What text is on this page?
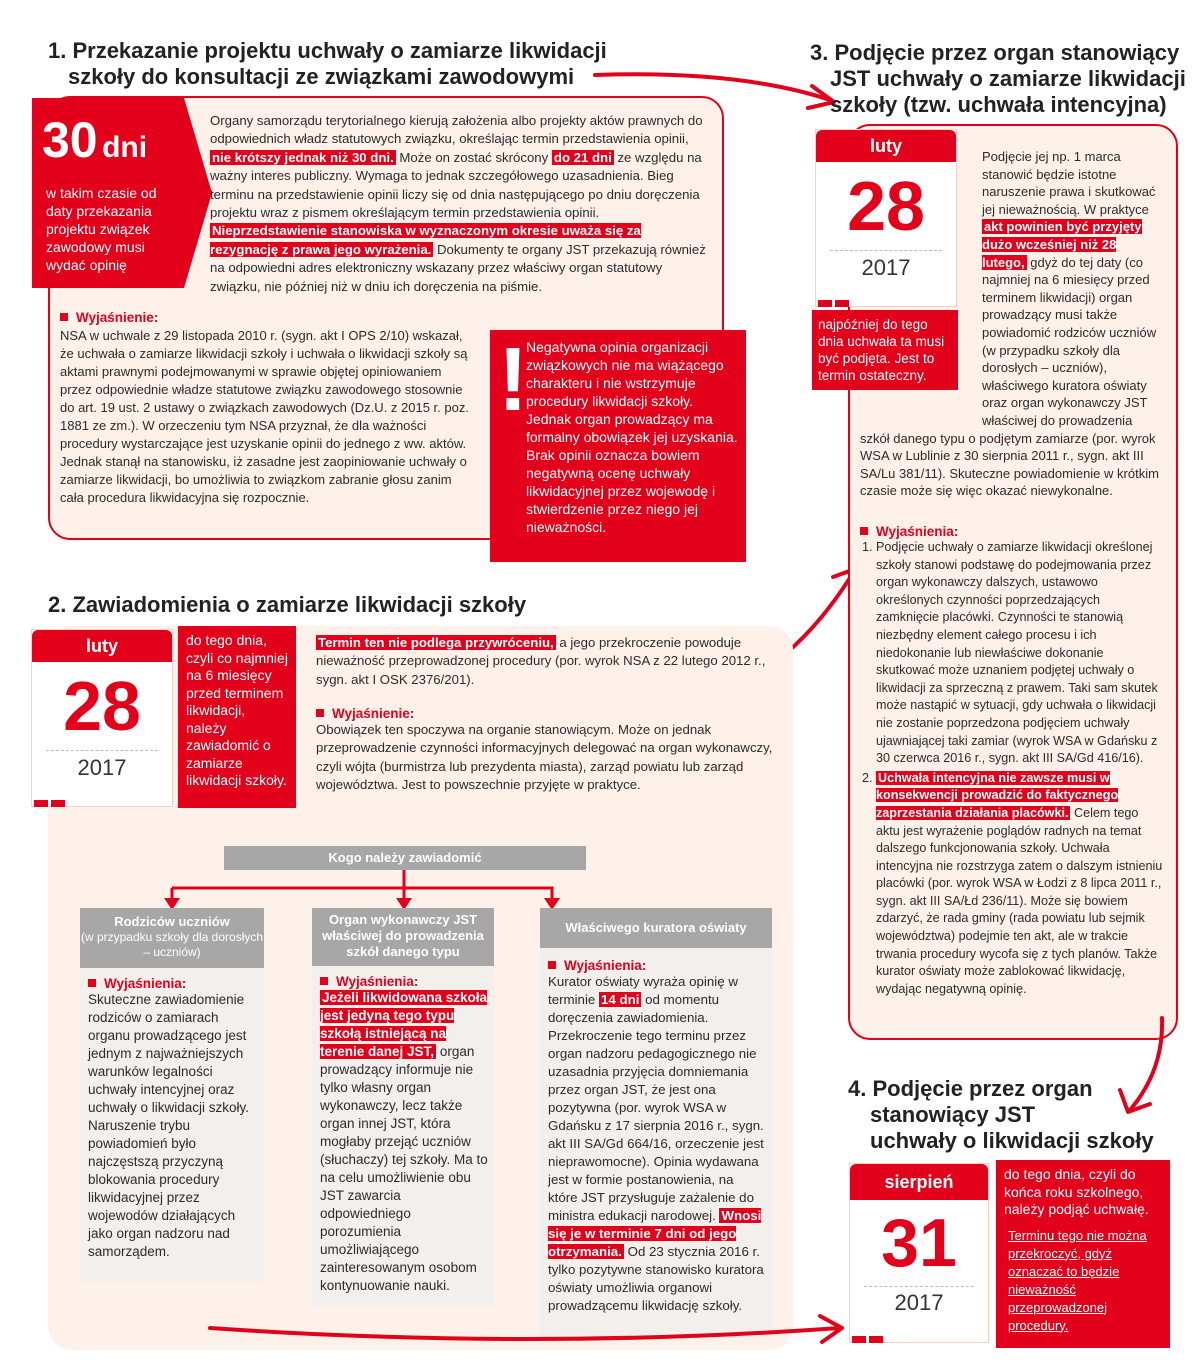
1. Przekazanie projektu uchwały o zamiarze likwidacji
szkoły do konsultacji ze związkami zawodowymi
30 dni
w takim czasie od daty przekazania projektu związek zawodowy musi wydać opinię
Organy samorządu terytorialnego kierują założenia albo projekty aktów prawnych do odpowiednich władz statutowych związku, określając termin przedstawienia opinii, nie krótszy jednak niż 30 dni. Może on zostać skrócony do 21 dni ze względu na ważny interes publiczny. Wymaga to jednak szczegółowego uzasadnienia. Bieg terminu na przedstawienie opinii liczy się od dnia następującego po dniu doręczenia projektu wraz z pismem określającym termin przedstawienia opinii. Nieprzedstawienie stanowiska w wyznaczonym okresie uważa się za rezygnację z prawa jego wyrażenia. Dokumenty te organy JST przekazują również na odpowiedni adres elektroniczny wskazany przez właściwy organ statutowy związku, nie później niż w dniu ich doręczenia na piśmie.
Wyjaśnienie:
NSA w uchwale z 29 listopada 2010 r. (sygn. akt I OPS 2/10) wskazał, że uchwała o zamiarze likwidacji szkoły i uchwała o likwidacji szkoły są aktami prawnymi podejmowanymi w sprawie objętej opiniowaniem przez odpowiednie władze statutowe związku zawodowego stosownie do art. 19 ust. 2 ustawy o związkach zawodowych (Dz.U. z 2015 r. poz. 1881 ze zm.). W orzeczeniu tym NSA przyznał, że dla ważności procedury wystarczające jest uzyskanie opinii do jednego z ww. aktów. Jednak stanął na stanowisku, iż zasadne jest zaopiniowanie uchwały o zamiarze likwidacji, bo umożliwia to związkom zabranie głosu zanim cała procedura likwidacyjna się rozpocznie.
!
Negatywna opinia organizacji związkowych nie ma wiążącego charakteru i nie wstrzymuje procedury likwidacji szkoły. Jednak organ prowadzący ma formalny obowiązek jej uzyskania. Brak opinii oznacza bowiem negatywną ocenę uchwały likwidacyjnej przez wojewodę i stwierdzenie przez niego jej nieważności.
2. Zawiadomienia o zamiarze likwidacji szkoły
luty
28
2017
do tego dnia, czyli co najmniej na 6 miesięcy przed terminem likwidacji, należy zawiadomić o zamiarze likwidacji szkoły.
Termin ten nie podlega przywróceniu, a jego przekroczenie powoduje nieważność przeprowadzonej procedury (por. wyrok NSA z 22 lutego 2012 r., sygn. akt I OSK 2376/201).
Wyjaśnienie:
Obowiązek ten spoczywa na organie stanowiącym. Może on jednak przeprowadzenie czynności informacyjnych delegować na organ wykonawczy, czyli wójta (burmistrza lub prezydenta miasta), zarząd powiatu lub zarząd województwa. Jest to powszechnie przyjęte w praktyce.
Kogo należy zawiadomić
Rodziców uczniów
(w przypadku szkoły dla dorosłych – uczniów)
Wyjaśnienia:
Skuteczne zawiadomienie rodziców o zamiarach organu prowadzącego jest jednym z najważniejszych warunków legalności uchwały intencyjnej oraz uchwały o likwidacji szkoły. Naruszenie trybu powiadomień było najczęstszą przyczyną blokowania procedury likwidacyjnej przez wojewodów działających jako organ nadzoru nad samorządem.
Organ wykonawczy JST właściwej do prowadzenia szkół danego typu
Wyjaśnienia:
Jeżeli likwidowana szkoła jest jedyną tego typu szkołą istniejącą na terenie danej JST, organ prowadzący informuje nie tylko własny organ wykonawczy, lecz także organ innej JST, która mogłaby przejąć uczniów (słuchaczy) tej szkoły. Ma to na celu umożliwienie obu JST zawarcia odpowiedniego porozumienia umożliwiającego zainteresowanym osobom kontynuowanie nauki.
Właściwego kuratora oświaty
Wyjaśnienia:
Kurator oświaty wyraża opinię w terminie 14 dni od momentu doręczenia zawiadomienia. Przekroczenie tego terminu przez organ nadzoru pedagogicznego nie uzasadnia przyjęcia domniemania przez organ JST, że jest ona pozytywna (por. wyrok WSA w Gdańsku z 17 sierpnia 2016 r., sygn. akt III SA/Gd 664/16, orzeczenie jest nieprawomocne). Opinia wydawana jest w formie postanowienia, na które JST przysługuje zażalenie do ministra edukacji narodowej. Wnosi się je w terminie 7 dni od jego otrzymania. Od 23 stycznia 2016 r. tylko pozytywne stanowisko kuratora oświaty umożliwia organowi prowadzącemu likwidację szkoły.
3. Podjęcie przez organ stanowiący
JST uchwały o zamiarze likwidacji
szkoły (tzw. uchwała intencyjna)
luty
28
2017
najpóźniej do tego dnia uchwała ta musi być podjęta. Jest to termin ostateczny.
Podjęcie jej np. 1 marca stanowić będzie istotne naruszenie prawa i skutkować jej nieważnością. W praktyce akt powinien być przyjęty dużo wcześniej niż 28 lutego, gdyż do tej daty (co najmniej na 6 miesięcy przed terminem likwidacji) organ prowadzący musi także powiadomić rodziców uczniów (w przypadku szkoły dla dorosłych – uczniów), właściwego kuratora oświaty oraz organ wykonawczy JST właściwej do prowadzenia szkół danego typu o podjętym zamiarze (por. wyrok WSA w Lublinie z 30 sierpnia 2011 r., sygn. akt III SA/Lu 381/11). Skuteczne powiadomienie w krótkim czasie może się więc okazać niewykonalne.
Wyjaśnienia:
1. Podjęcie uchwały o zamiarze likwidacji określonej szkoły stanowi podstawę do podejmowania przez organ wykonawczy dalszych, ustawowo określonych czynności poprzedzających zamknięcie placówki. Czynności te stanowią niezbędny element całego procesu i ich niedokonanie lub niewłaściwe dokonanie skutkować może uznaniem podjętej uchwały o likwidacji za sprzeczną z prawem. Taki sam skutek może nastąpić w sytuacji, gdy uchwała o likwidacji nie zostanie poprzedzona podjęciem uchwały ujawniającej taki zamiar (wyrok WSA w Gdańsku z 30 czerwca 2016 r., sygn. akt III SA/Gd 416/16).
2. Uchwała intencyjna nie zawsze musi w konsekwencji prowadzić do faktycznego zaprzestania działania placówki. Celem tego aktu jest wyrażenie poglądów radnych na temat dalszego funkcjonowania szkoły. Uchwała intencyjna nie rozstrzyga zatem o dalszym istnieniu placówki (por. wyrok WSA w Łodzi z 8 lipca 2011 r., sygn. akt III SA/Łd 236/11). Może się bowiem zdarzyć, że rada gminy (rada powiatu lub sejmik województwa) podejmie ten akt, ale w trakcie trwania procedury wycofa się z tych planów. Także kurator oświaty może zablokować likwidację, wydając negatywną opinię.
4. Podjęcie przez organ
stanowiący JST
uchwały o likwidacji szkoły
sierpień
31
2017
do tego dnia, czyli do końca roku szkolnego, należy podjąć uchwałę.
Terminu tego nie można przekroczyć, gdyż oznaczać to będzie nieważność przeprowadzonej procedury.
